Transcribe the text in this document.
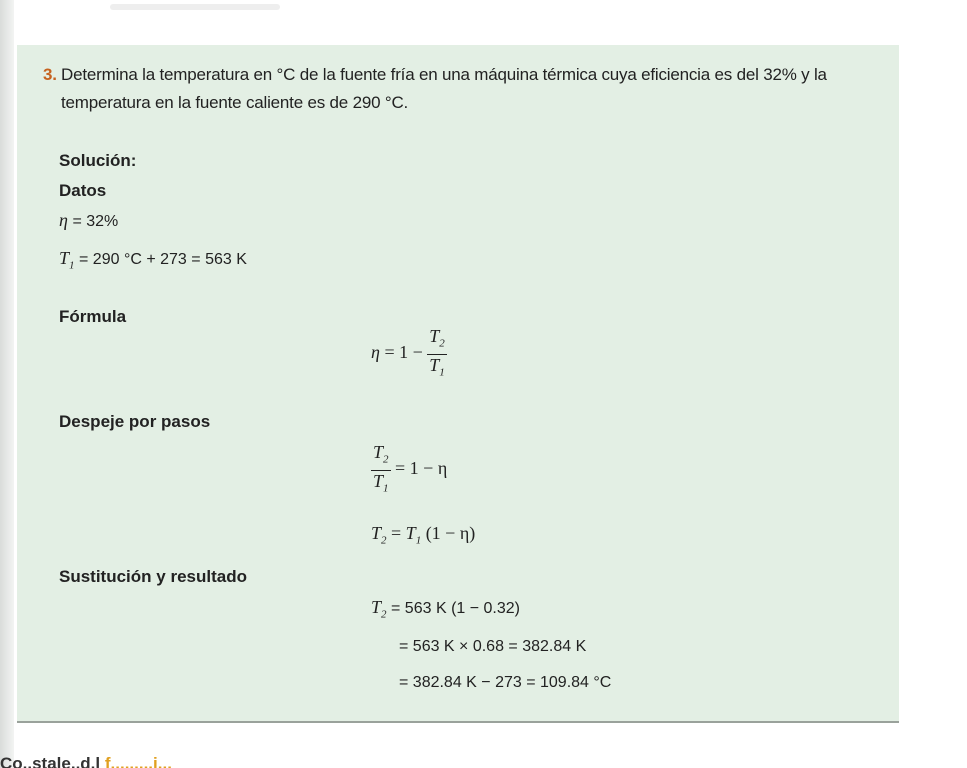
3. Determina la temperatura en °C de la fuente fría en una máquina térmica cuya eficiencia es del 32% y la temperatura en la fuente caliente es de 290 °C.
Solución:
Datos
η = 32%
$T_1 = 290$ °C + 273 = 563 K
Fórmula
$\eta = 1 - \frac{T_2}{T_1}$
Despeje por pasos
$\frac{T_2}{T_1} = 1 - \eta$
$T_2 = T_1$ (1 − η)
Sustitución y resultado
$T_2 = 563$ K (1 − 0.32)
= 563 K × 0.68 = 382.84 K
= 382.84 K − 273 = 109.84 °C
Co..stale..d.l f.........i...
